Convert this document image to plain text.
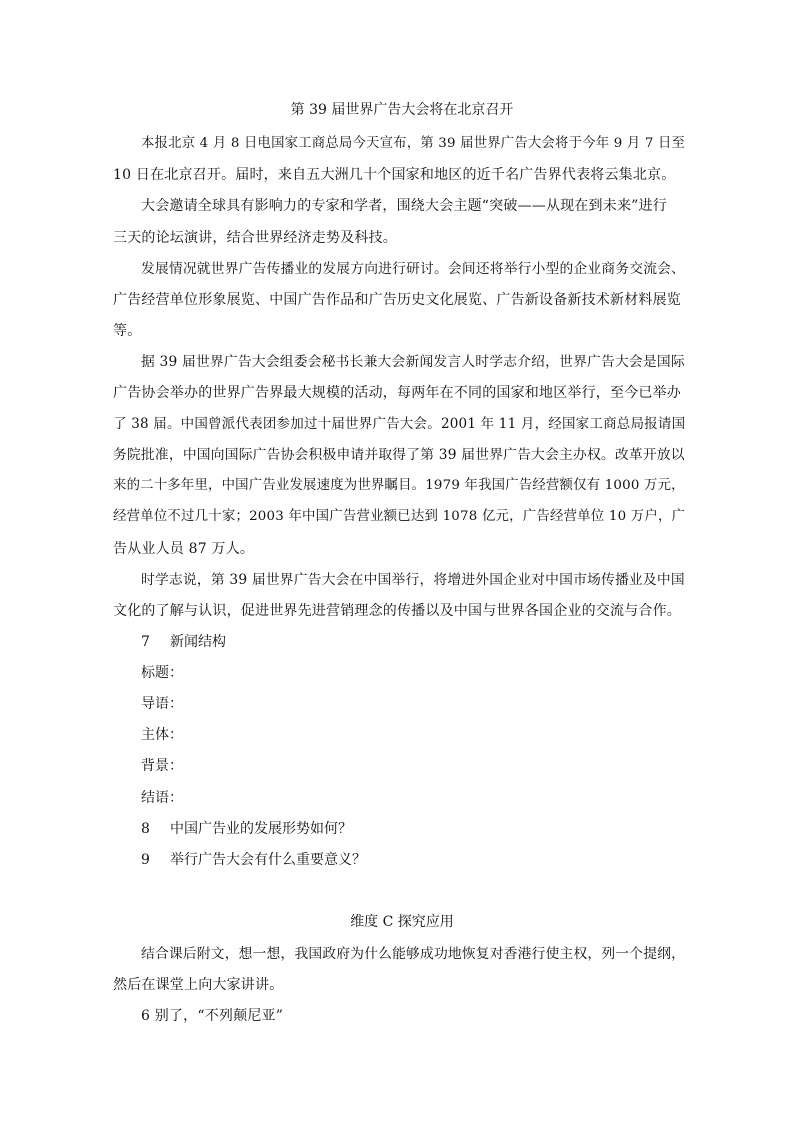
第 39 届世界广告大会将在北京召开
本报北京 4 月 8 日电国家工商总局今天宣布，第 39 届世界广告大会将于今年 9 月 7 日至
10 日在北京召开。届时，来自五大洲几十个国家和地区的近千名广告界代表将云集北京。
大会邀请全球具有影响力的专家和学者，围绕大会主题“突破——从现在到未来”进行
三天的论坛演讲，结合世界经济走势及科技。
发展情况就世界广告传播业的发展方向进行研讨。会间还将举行小型的企业商务交流会、
广告经营单位形象展览、中国广告作品和广告历史文化展览、广告新设备新技术新材料展览
等。
据 39 届世界广告大会组委会秘书长兼大会新闻发言人时学志介绍，世界广告大会是国际
广告协会举办的世界广告界最大规模的活动，每两年在不同的国家和地区举行，至今已举办
了 38 届。中国曾派代表团参加过十届世界广告大会。2001 年 11 月，经国家工商总局报请国
务院批准，中国向国际广告协会积极申请并取得了第 39 届世界广告大会主办权。改革开放以
来的二十多年里，中国广告业发展速度为世界瞩目。1979 年我国广告经营额仅有 1000 万元，
经营单位不过几十家；2003 年中国广告营业额已达到 1078 亿元，广告经营单位 10 万户，广
告从业人员 87 万人。
时学志说，第 39 届世界广告大会在中国举行，将增进外国企业对中国市场传播业及中国
文化的了解与认识，促进世界先进营销理念的传播以及中国与世界各国企业的交流与合作。
7 新闻结构
标题：
导语：
主体：
背景：
结语：
8 中国广告业的发展形势如何？
9 举行广告大会有什么重要意义？
维度 C 探究应用
结合课后附文，想一想，我国政府为什么能够成功地恢复对香港行使主权，列一个提纲，
然后在课堂上向大家讲讲。
6 别了，“不列颠尼亚”
